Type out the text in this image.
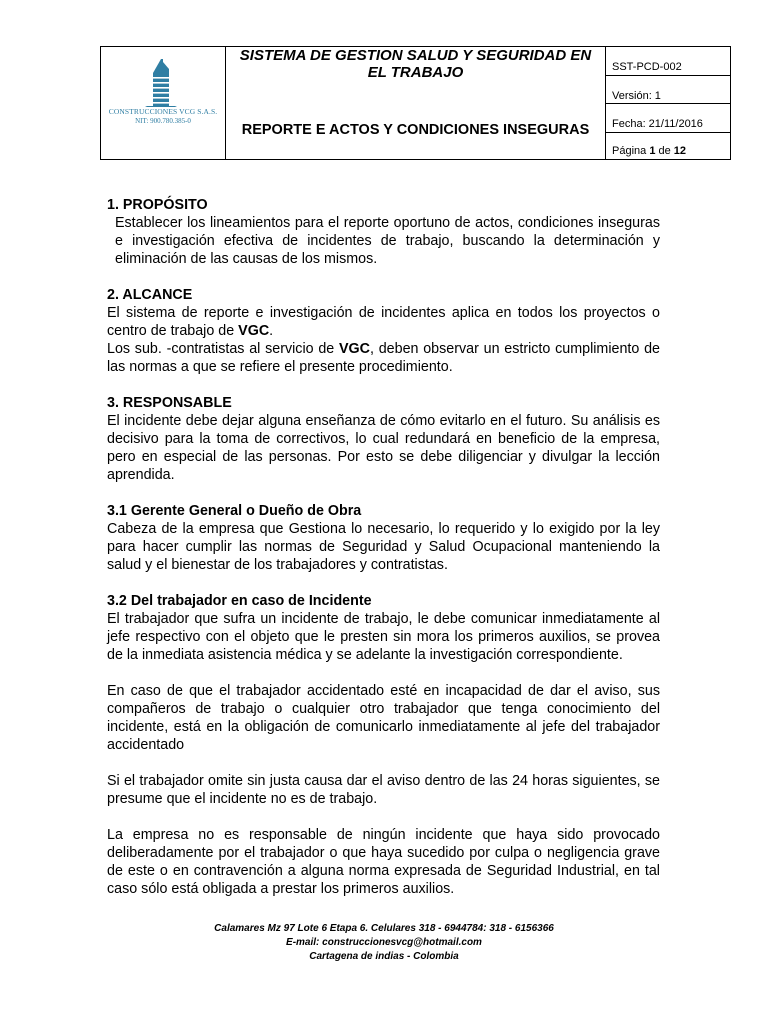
CONSTRUCCIONES VCG S.A.S.
NIT: 900.780.385-0
SISTEMA DE GESTION SALUD Y SEGURIDAD EN
EL TRABAJO
REPORTE E ACTOS Y CONDICIONES INSEGURAS
SST-PCD-002
Versión: 1
Fecha: 21/11/2016
Página 1 de 12
1. PROPÓSITO
Establecer los lineamientos para el reporte oportuno de actos, condiciones inseguras e investigación efectiva de incidentes de trabajo, buscando la determinación y eliminación de las causas de los mismos.
2. ALCANCE
El sistema de reporte e investigación de incidentes aplica en todos los proyectos o centro de trabajo de VGC.
Los sub. -contratistas al servicio de VGC, deben observar un estricto cumplimiento de las normas a que se refiere el presente procedimiento.
3. RESPONSABLE
El incidente debe dejar alguna enseñanza de cómo evitarlo en el futuro. Su análisis es decisivo para la toma de correctivos, lo cual redundará en beneficio de la empresa, pero en especial de las personas. Por esto se debe diligenciar y divulgar la lección aprendida.
3.1 Gerente General o Dueño de Obra
Cabeza de la empresa que Gestiona lo necesario, lo requerido y lo exigido por la ley para hacer cumplir las normas de Seguridad y Salud Ocupacional manteniendo la salud y el bienestar de los trabajadores y contratistas.
3.2 Del trabajador en caso de Incidente
El trabajador que sufra un incidente de trabajo, le debe comunicar inmediatamente al jefe respectivo con el objeto que le presten sin mora los primeros auxilios, se provea de la inmediata asistencia médica y se adelante la investigación correspondiente.
En caso de que el trabajador accidentado esté en incapacidad de dar el aviso, sus compañeros de trabajo o cualquier otro trabajador que tenga conocimiento del incidente, está en la obligación de comunicarlo inmediatamente al jefe del trabajador accidentado
Si el trabajador omite sin justa causa dar el aviso dentro de las 24 horas siguientes, se presume que el incidente no es de trabajo.
La empresa no es responsable de ningún incidente que haya sido provocado deliberadamente por el trabajador o que haya sucedido por culpa o negligencia grave de este o en contravención a alguna norma expresada de Seguridad Industrial, en tal caso sólo está obligada a prestar los primeros auxilios.
Calamares Mz 97 Lote 6 Etapa 6. Celulares 318 - 6944784: 318 - 6156366
E-mail: construccionesvcg@hotmail.com
Cartagena de indias - Colombia
